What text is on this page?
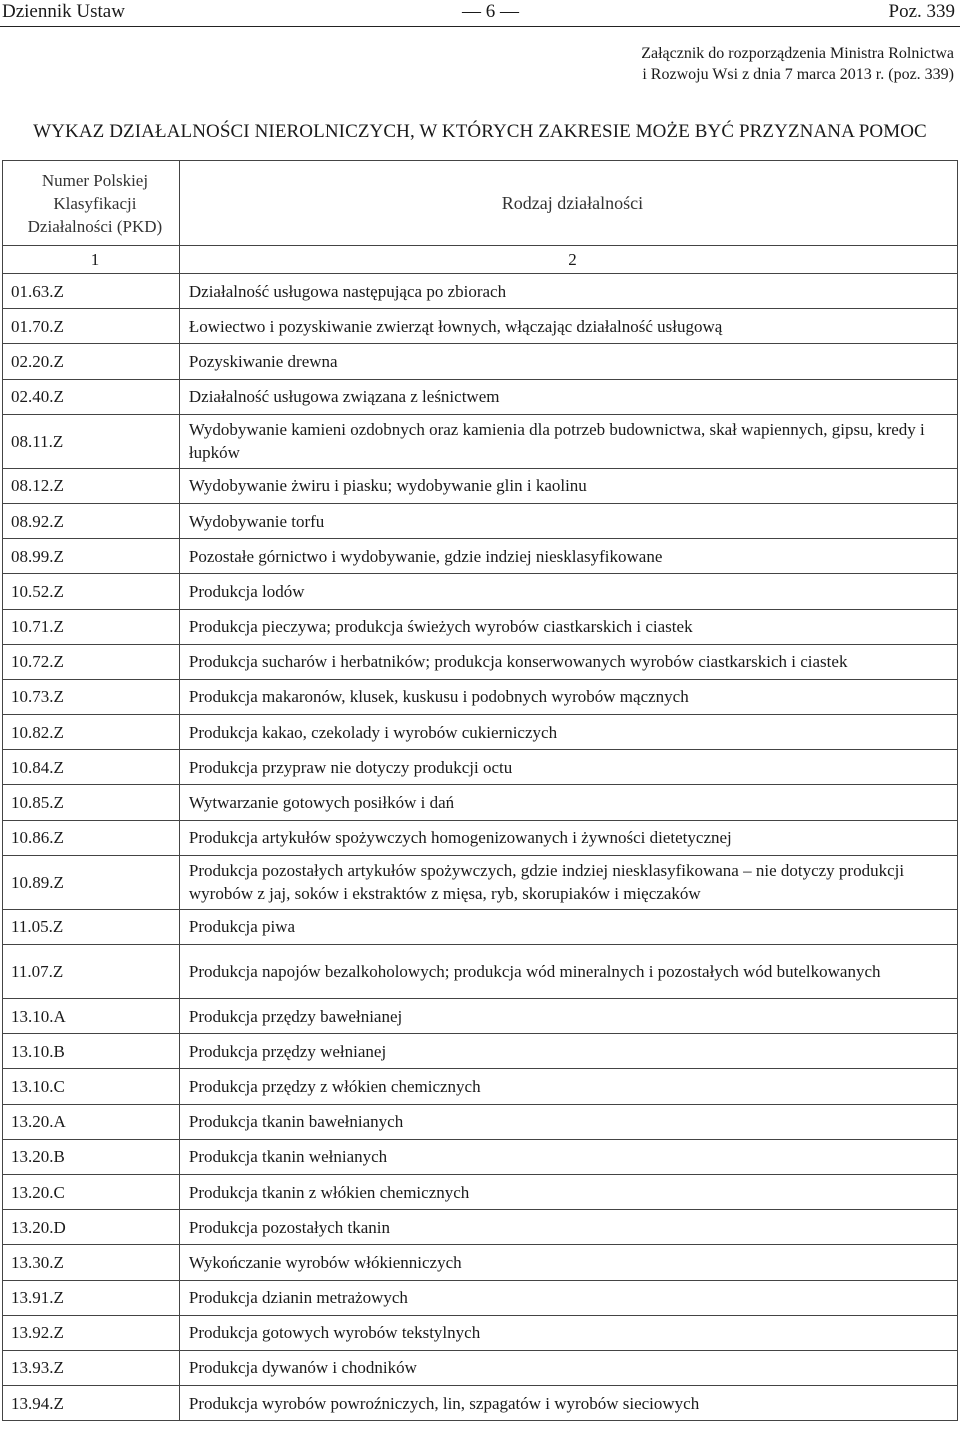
Dziennik Ustaw	— 6 —	Poz. 339
Załącznik do rozporządzenia Ministra Rolnictwa
i Rozwoju Wsi z dnia 7 marca 2013 r. (poz. 339)
WYKAZ DZIAŁALNOŚCI NIEROLNICZYCH, W KTÓRYCH ZAKRESIE MOŻE BYĆ PRZYZNANA POMOC
Numer Polskiej
Klasyfikacji
Działalności (PKD)	Rodzaj działalności
1	2
01.63.Z	Działalność usługowa następująca po zbiorach
01.70.Z	Łowiectwo i pozyskiwanie zwierząt łownych, włączając działalność usługową
02.20.Z	Pozyskiwanie drewna
02.40.Z	Działalność usługowa związana z leśnictwem
08.11.Z	Wydobywanie kamieni ozdobnych oraz kamienia dla potrzeb budownictwa, skał wapiennych, gipsu, kredy i łupków
08.12.Z	Wydobywanie żwiru i piasku; wydobywanie glin i kaolinu
08.92.Z	Wydobywanie torfu
08.99.Z	Pozostałe górnictwo i wydobywanie, gdzie indziej niesklasyfikowane
10.52.Z	Produkcja lodów
10.71.Z	Produkcja pieczywa; produkcja świeżych wyrobów ciastkarskich i ciastek
10.72.Z	Produkcja sucharów i herbatników; produkcja konserwowanych wyrobów ciastkarskich i ciastek
10.73.Z	Produkcja makaronów, klusek, kuskusu i podobnych wyrobów mącznych
10.82.Z	Produkcja kakao, czekolady i wyrobów cukierniczych
10.84.Z	Produkcja przypraw nie dotyczy produkcji octu
10.85.Z	Wytwarzanie gotowych posiłków i dań
10.86.Z	Produkcja artykułów spożywczych homogenizowanych i żywności dietetycznej
10.89.Z	Produkcja pozostałych artykułów spożywczych, gdzie indziej niesklasyfikowana – nie dotyczy produkcji wyrobów z jaj, soków i ekstraktów z mięsa, ryb, skorupiaków i mięczaków
11.05.Z	Produkcja piwa
11.07.Z	Produkcja napojów bezalkoholowych; produkcja wód mineralnych i pozostałych wód butelkowanych
13.10.A	Produkcja przędzy bawełnianej
13.10.B	Produkcja przędzy wełnianej
13.10.C	Produkcja przędzy z włókien chemicznych
13.20.A	Produkcja tkanin bawełnianych
13.20.B	Produkcja tkanin wełnianych
13.20.C	Produkcja tkanin z włókien chemicznych
13.20.D	Produkcja pozostałych tkanin
13.30.Z	Wykończanie wyrobów włókienniczych
13.91.Z	Produkcja dzianin metrażowych
13.92.Z	Produkcja gotowych wyrobów tekstylnych
13.93.Z	Produkcja dywanów i chodników
13.94.Z	Produkcja wyrobów powroźniczych, lin, szpagatów i wyrobów sieciowych
